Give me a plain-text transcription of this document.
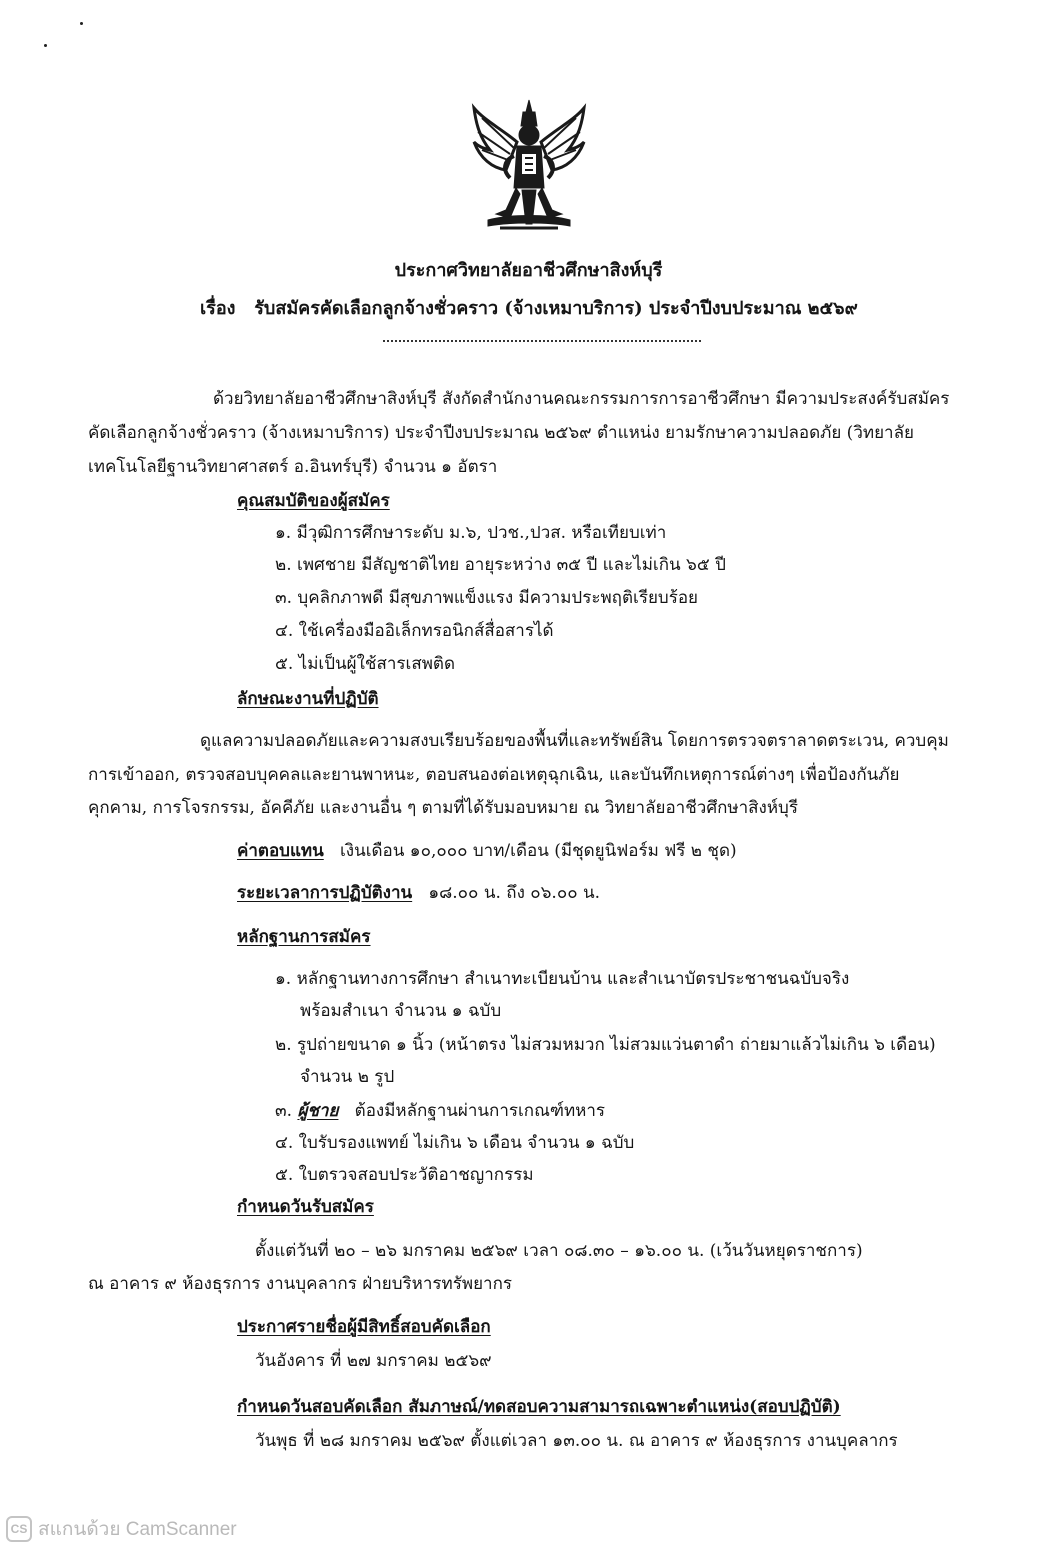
ประกาศวิทยาลัยอาชีวศึกษาสิงห์บุรี
เรื่อง รับสมัครคัดเลือกลูกจ้างชั่วคราว (จ้างเหมาบริการ) ประจำปีงบประมาณ ๒๕๖๙
ด้วยวิทยาลัยอาชีวศึกษาสิงห์บุรี สังกัดสำนักงานคณะกรรมการการอาชีวศึกษา มีความประสงค์รับสมัคร
คัดเลือกลูกจ้างชั่วคราว (จ้างเหมาบริการ) ประจำปีงบประมาณ ๒๕๖๙ ตำแหน่ง ยามรักษาความปลอดภัย (วิทยาลัย
เทคโนโลยีฐานวิทยาศาสตร์ อ.อินทร์บุรี) จำนวน ๑ อัตรา
คุณสมบัติของผู้สมัคร
๑. มีวุฒิการศึกษาระดับ ม.๖, ปวช.,ปวส. หรือเทียบเท่า
๒. เพศชาย มีสัญชาติไทย อายุระหว่าง ๓๕ ปี และไม่เกิน ๖๕ ปี
๓. บุคลิกภาพดี มีสุขภาพแข็งแรง มีความประพฤติเรียบร้อย
๔. ใช้เครื่องมืออิเล็กทรอนิกส์สื่อสารได้
๕. ไม่เป็นผู้ใช้สารเสพติด
ลักษณะงานที่ปฏิบัติ
ดูแลความปลอดภัยและความสงบเรียบร้อยของพื้นที่และทรัพย์สิน โดยการตรวจตราลาดตระเวน, ควบคุม
การเข้าออก, ตรวจสอบบุคคลและยานพาหนะ, ตอบสนองต่อเหตุฉุกเฉิน, และบันทึกเหตุการณ์ต่างๆ เพื่อป้องกันภัย
คุกคาม, การโจรกรรม, อัคคีภัย และงานอื่น ๆ ตามที่ได้รับมอบหมาย ณ วิทยาลัยอาชีวศึกษาสิงห์บุรี
ค่าตอบแทน เงินเดือน ๑๐,๐๐๐ บาท/เดือน (มีชุดยูนิฟอร์ม ฟรี ๒ ชุด)
ระยะเวลาการปฏิบัติงาน ๑๘.๐๐ น. ถึง ๐๖.๐๐ น.
หลักฐานการสมัคร
๑. หลักฐานทางการศึกษา สำเนาทะเบียนบ้าน และสำเนาบัตรประชาชนฉบับจริง
พร้อมสำเนา จำนวน ๑ ฉบับ
๒. รูปถ่ายขนาด ๑ นิ้ว (หน้าตรง ไม่สวมหมวก ไม่สวมแว่นตาดำ ถ่ายมาแล้วไม่เกิน ๖ เดือน)
จำนวน ๒ รูป
๓. ผู้ชาย ต้องมีหลักฐานผ่านการเกณฑ์ทหาร
๔. ใบรับรองแพทย์ ไม่เกิน ๖ เดือน จำนวน ๑ ฉบับ
๕. ใบตรวจสอบประวัติอาชญากรรม
กำหนดวันรับสมัคร
ตั้งแต่วันที่ ๒๐ – ๒๖ มกราคม ๒๕๖๙ เวลา ๐๘.๓๐ – ๑๖.๐๐ น. (เว้นวันหยุดราชการ)
ณ อาคาร ๙ ห้องธุรการ งานบุคลากร ฝ่ายบริหารทรัพยากร
ประกาศรายชื่อผู้มีสิทธิ์สอบคัดเลือก
วันอังคาร ที่ ๒๗ มกราคม ๒๕๖๙
กำหนดวันสอบคัดเลือก สัมภาษณ์/ทดสอบความสามารถเฉพาะตำแหน่ง(สอบปฏิบัติ)
วันพุธ ที่ ๒๘ มกราคม ๒๕๖๙ ตั้งแต่เวลา ๑๓.๐๐ น. ณ อาคาร ๙ ห้องธุรการ งานบุคลากร
CS สแกนด้วย CamScanner
